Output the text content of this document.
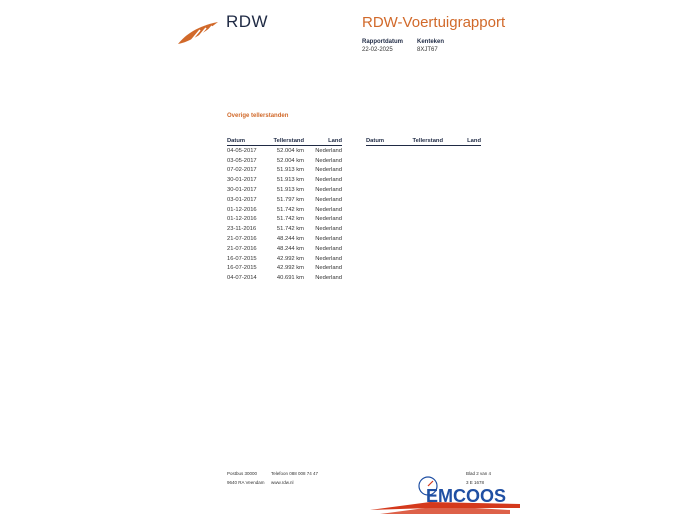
RDW	RDW-Voertuigrapport
Rapportdatum
22-02-2025
Kenteken
8XJT67
Overige tellerstanden
Datum	Tellerstand	Land
04-05-2017	52.004 km	Nederland
03-05-2017	52.004 km	Nederland
07-02-2017	51.913 km	Nederland
30-01-2017	51.913 km	Nederland
30-01-2017	51.913 km	Nederland
03-01-2017	51.797 km	Nederland
01-12-2016	51.742 km	Nederland
01-12-2016	51.742 km	Nederland
23-11-2016	51.742 km	Nederland
21-07-2016	48.244 km	Nederland
21-07-2016	48.244 km	Nederland
16-07-2015	42.992 km	Nederland
16-07-2015	42.992 km	Nederland
04-07-2014	40.691 km	Nederland
Datum	Tellerstand	Land
Postbus 30000
9640 RA Veendam
Telefoon 088 008 74 47
www.rdw.nl
Blad 2 van 4
3 E 1678
EMCOOS
